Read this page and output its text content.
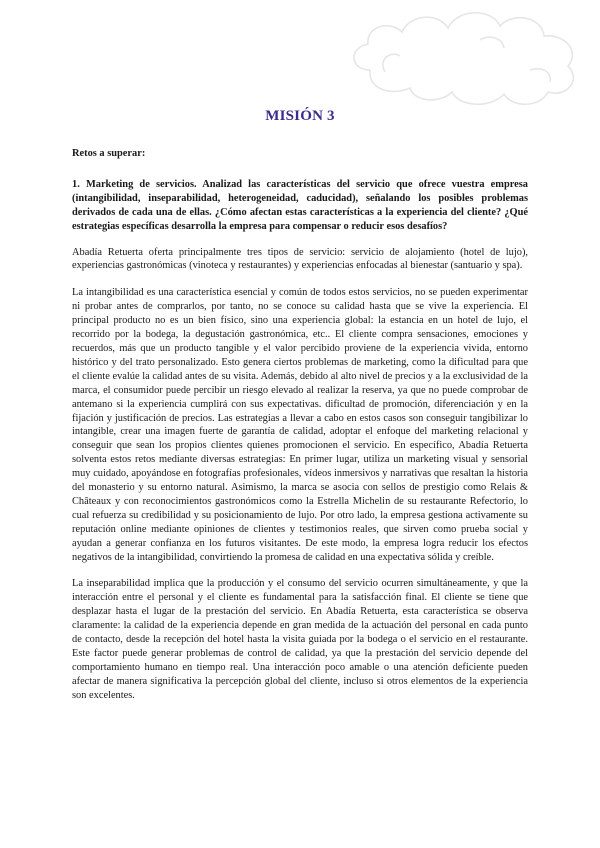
MISIÓN 3

Retos a superar:

1. Marketing de servicios. Analizad las características del servicio que ofrece vuestra empresa (intangibilidad, inseparabilidad, heterogeneidad, caducidad), señalando los posibles problemas derivados de cada una de ellas. ¿Cómo afectan estas características a la experiencia del cliente? ¿Qué estrategias específicas desarrolla la empresa para compensar o reducir esos desafíos?

Abadía Retuerta oferta principalmente tres tipos de servicio: servicio de alojamiento (hotel de lujo), experiencias gastronómicas (vinoteca y restaurantes) y experiencias enfocadas al bienestar (santuario y spa).

La intangibilidad es una característica esencial y común de todos estos servicios, no se pueden experimentar ni probar antes de comprarlos, por tanto, no se conoce su calidad hasta que se vive la experiencia. El principal producto no es un bien físico, sino una experiencia global: la estancia en un hotel de lujo, el recorrido por la bodega, la degustación gastronómica, etc.. El cliente compra sensaciones, emociones y recuerdos, más que un producto tangible y el valor percibido proviene de la experiencia vivida, entorno histórico y del trato personalizado. Esto genera ciertos problemas de marketing, como la dificultad para que el cliente evalúe la calidad antes de su visita. Además, debido al alto nivel de precios y a la exclusividad de la marca, el consumidor puede percibir un riesgo elevado al realizar la reserva, ya que no puede comprobar de antemano si la experiencia cumplirá con sus expectativas. dificultad de promoción, diferenciación y en la fijación y justificación de precios. Las estrategias a llevar a cabo en estos casos son conseguir tangibilizar lo intangible, crear una imagen fuerte de garantía de calidad, adoptar el enfoque del marketing relacional y conseguir que sean los propios clientes quienes promocionen el servicio. En específico, Abadía Retuerta solventa estos retos mediante diversas estrategias: En primer lugar, utiliza un marketing visual y sensorial muy cuidado, apoyándose en fotografías profesionales, vídeos inmersivos y narrativas que resaltan la historia del monasterio y su entorno natural. Asimismo, la marca se asocia con sellos de prestigio como Relais & Châteaux y con reconocimientos gastronómicos como la Estrella Michelin de su restaurante Refectorio, lo cual refuerza su credibilidad y su posicionamiento de lujo. Por otro lado, la empresa gestiona activamente su reputación online mediante opiniones de clientes y testimonios reales, que sirven como prueba social y ayudan a generar confianza en los futuros visitantes. De este modo, la empresa logra reducir los efectos negativos de la intangibilidad, convirtiendo la promesa de calidad en una expectativa sólida y creíble.

La inseparabilidad implica que la producción y el consumo del servicio ocurren simultáneamente, y que la interacción entre el personal y el cliente es fundamental para la satisfacción final. El cliente se tiene que desplazar hasta el lugar de la prestación del servicio. En Abadía Retuerta, esta característica se observa claramente: la calidad de la experiencia depende en gran medida de la actuación del personal en cada punto de contacto, desde la recepción del hotel hasta la visita guiada por la bodega o el servicio en el restaurante. Este factor puede generar problemas de control de calidad, ya que la prestación del servicio depende del comportamiento humano en tiempo real. Una interacción poco amable o una atención deficiente pueden afectar de manera significativa la percepción global del cliente, incluso si otros elementos de la experiencia son excelentes.
